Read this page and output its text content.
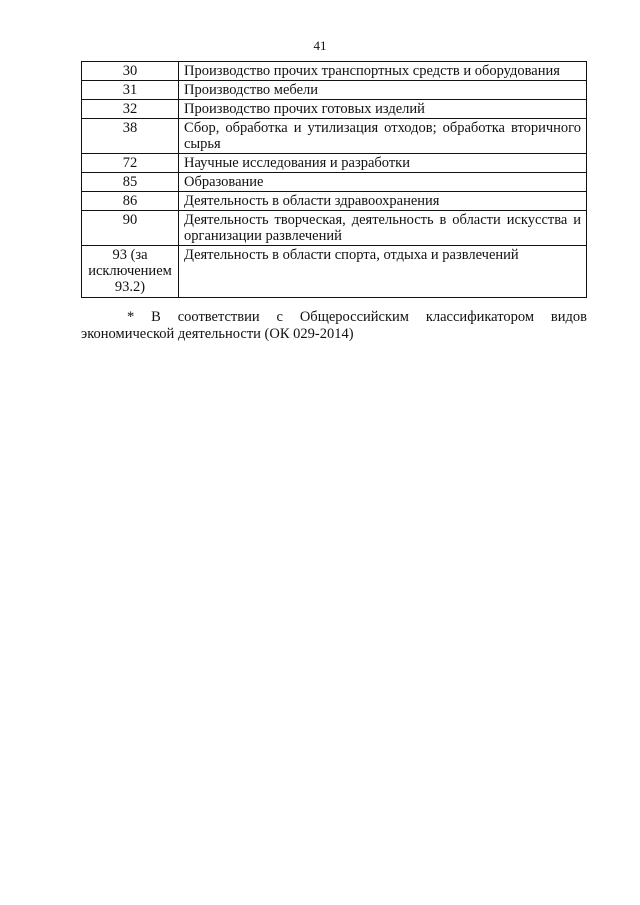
41
30	Производство прочих транспортных средств и оборудования
31	Производство мебели
32	Производство прочих готовых изделий
38	Сбор, обработка и утилизация отходов; обработка вторичного сырья
72	Научные исследования и разработки
85	Образование
86	Деятельность в области здравоохранения
90	Деятельность творческая, деятельность в области искусства и организации развлечений
93 (за исключением 93.2)	Деятельность в области спорта, отдыха и развлечений
* В соответствии с Общероссийским классификатором видов
экономической деятельности (ОК 029-2014)
